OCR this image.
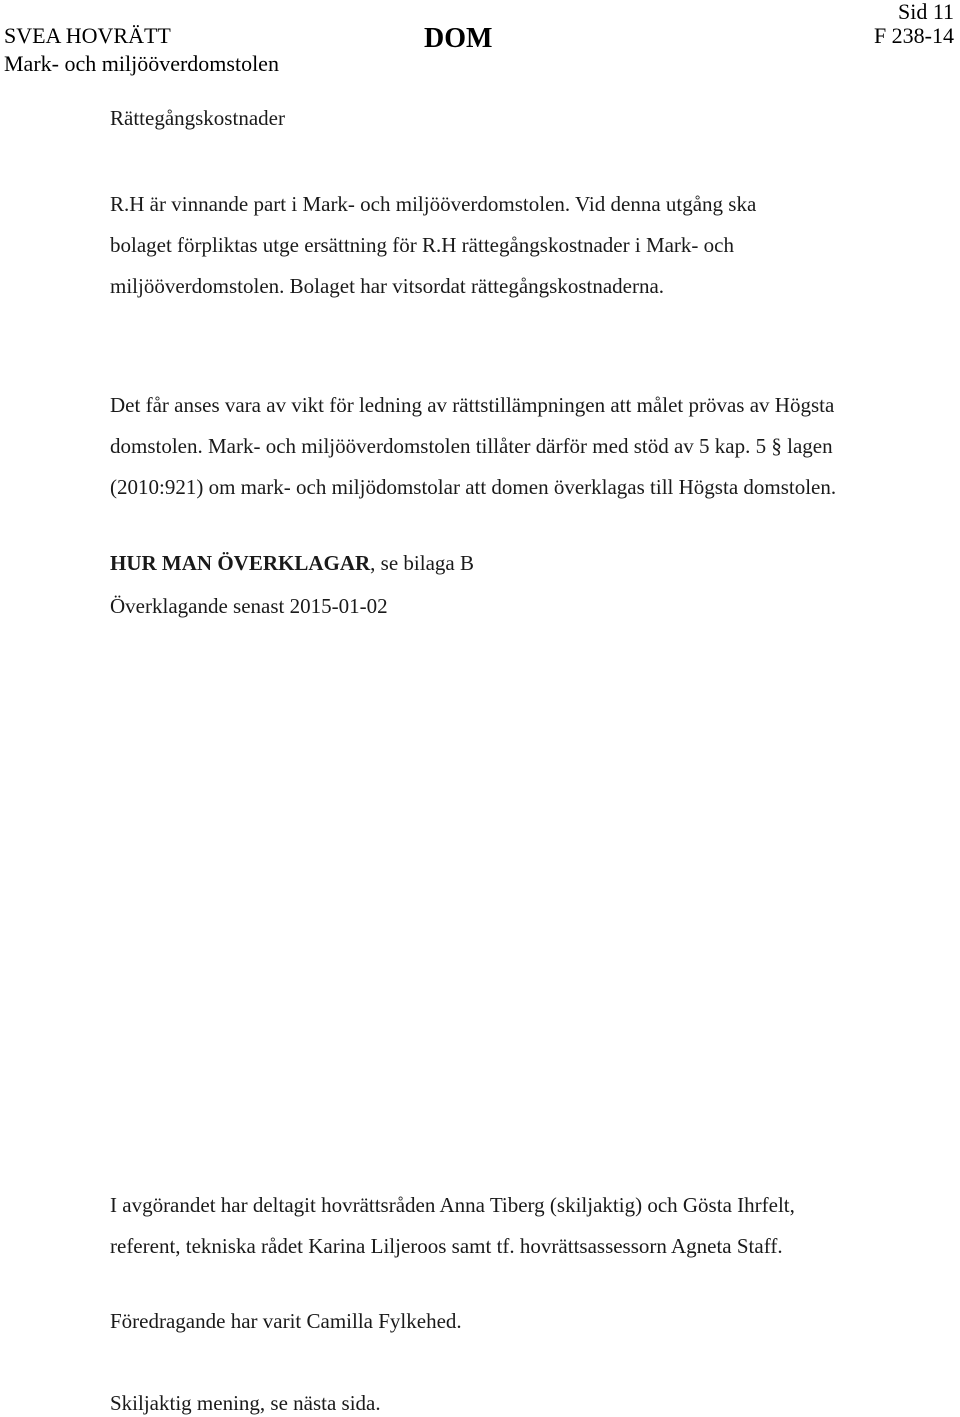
SVEA HOVRÄTT
Mark- och miljööverdomstolen
DOM
Sid 11
F 238-14
Rättegångskostnader
R.H är vinnande part i Mark- och miljööverdomstolen. Vid denna utgång ska
bolaget förpliktas utge ersättning för R.H rättegångskostnader i Mark- och
miljööverdomstolen. Bolaget har vitsordat rättegångskostnaderna.
Det får anses vara av vikt för ledning av rättstillämpningen att målet prövas av Högsta
domstolen. Mark- och miljööverdomstolen tillåter därför med stöd av 5 kap. 5 § lagen
(2010:921) om mark- och miljödomstolar att domen överklagas till Högsta domstolen.
HUR MAN ÖVERKLAGAR, se bilaga B
Överklagande senast 2015-01-02
I avgörandet har deltagit hovrättsråden Anna Tiberg (skiljaktig) och Gösta Ihrfelt,
referent, tekniska rådet Karina Liljeroos samt tf. hovrättsassessorn Agneta Staff.
Föredragande har varit Camilla Fylkehed.
Skiljaktig mening, se nästa sida.
